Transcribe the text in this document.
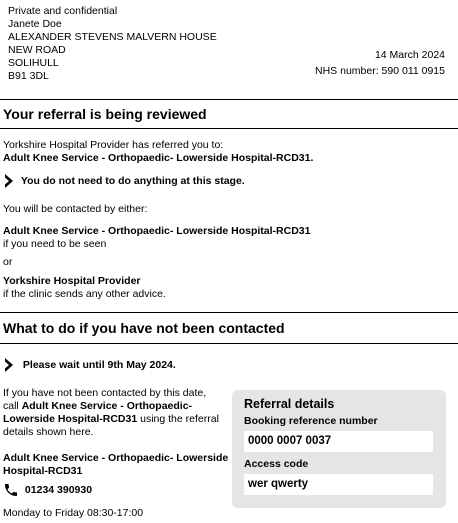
Private and confidential
Janete Doe
ALEXANDER STEVENS MALVERN HOUSE
NEW ROAD
SOLIHULL
B91 3DL
14 March 2024
NHS number: 590 011 0915
Your referral is being reviewed
Yorkshire Hospital Provider has referred you to:
Adult Knee Service - Orthopaedic- Lowerside Hospital-RCD31.
You do not need to do anything at this stage.
You will be contacted by either:
Adult Knee Service - Orthopaedic- Lowerside Hospital-RCD31
if you need to be seen
or
Yorkshire Hospital Provider
if the clinic sends any other advice.
What to do if you have not been contacted
Please wait until 9th May 2024.
If you have not been contacted by this date,
call Adult Knee Service - Orthopaedic-
Lowerside Hospital-RCD31 using the referral
details shown here.
Adult Knee Service - Orthopaedic- Lowerside
Hospital-RCD31
01234 390930
Monday to Friday 08:30-17:00
Referral details
Booking reference number
0000 0007 0037
Access code
wer qwerty
